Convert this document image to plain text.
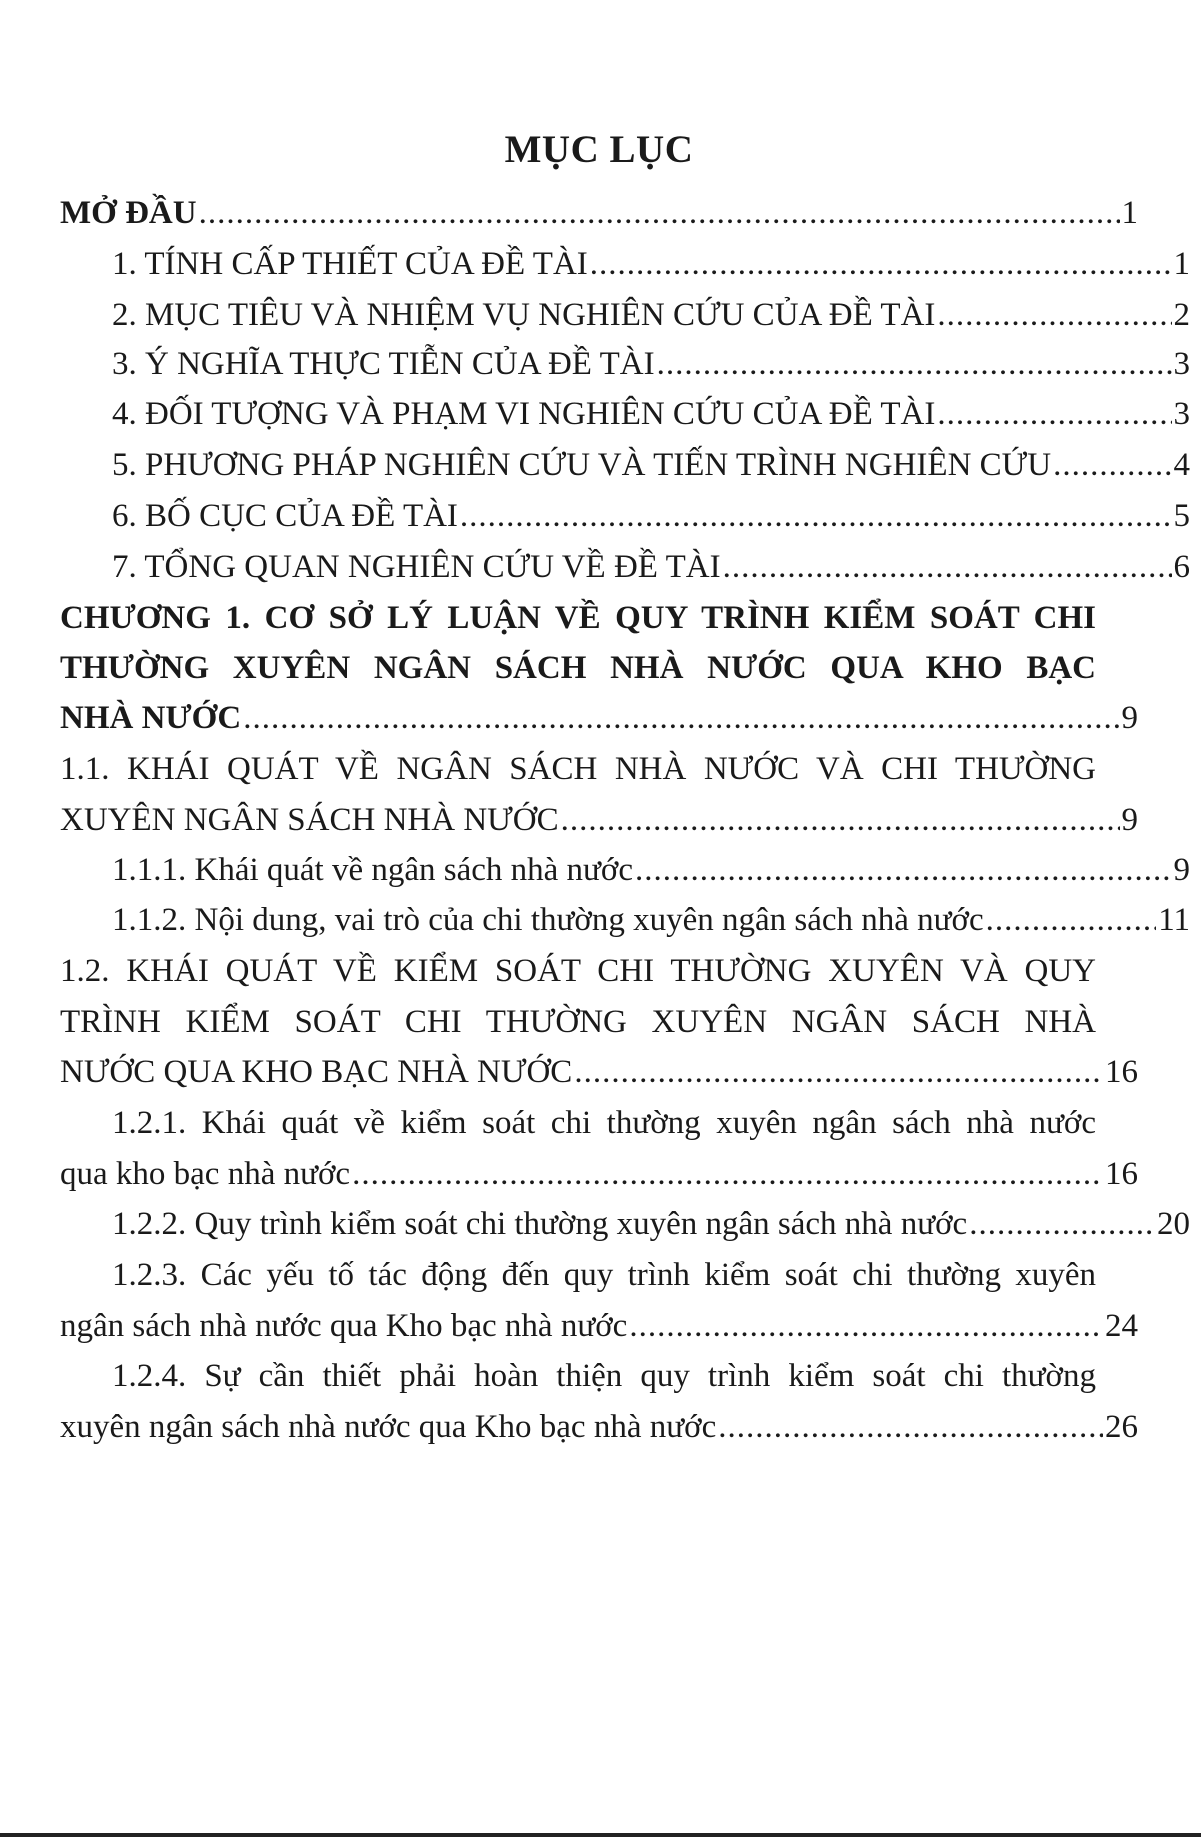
MỤC LỤC
MỞ ĐẦU .....	1
1. TÍNH CẤP THIẾT CỦA ĐỀ TÀI .....	1
2. MỤC TIÊU VÀ NHIỆM VỤ NGHIÊN CỨU CỦA ĐỀ TÀI .....	2
3. Ý NGHĨA THỰC TIỄN CỦA ĐỀ TÀI .....	3
4. ĐỐI TƯỢNG VÀ PHẠM VI NGHIÊN CỨU CỦA ĐỀ TÀI .....	3
5. PHƯƠNG PHÁP NGHIÊN CỨU VÀ TIẾN TRÌNH NGHIÊN CỨU .....	4
6. BỐ CỤC CỦA ĐỀ TÀI .....	5
7. TỔNG QUAN NGHIÊN CỨU VỀ ĐỀ TÀI .....	6
CHƯƠNG 1. CƠ SỞ LÝ LUẬN VỀ QUY TRÌNH KIỂM SOÁT CHI
THƯỜNG XUYÊN NGÂN SÁCH NHÀ NƯỚC QUA KHO BẠC
NHÀ NƯỚC .....	9
1.1. KHÁI QUÁT VỀ NGÂN SÁCH NHÀ NƯỚC VÀ CHI THƯỜNG
XUYÊN NGÂN SÁCH NHÀ NƯỚC .....	9
1.1.1. Khái quát về ngân sách nhà nước .....	9
1.1.2. Nội dung, vai trò của chi thường xuyên ngân sách nhà nước .....	11
1.2. KHÁI QUÁT VỀ KIỂM SOÁT CHI THƯỜNG XUYÊN VÀ QUY
TRÌNH KIỂM SOÁT CHI THƯỜNG XUYÊN NGÂN SÁCH NHÀ
NƯỚC QUA KHO BẠC NHÀ NƯỚC .....	16
1.2.1. Khái quát về kiểm soát chi thường xuyên ngân sách nhà nước
qua kho bạc nhà nước .....	16
1.2.2. Quy trình kiểm soát chi thường xuyên ngân sách nhà nước .....	20
1.2.3. Các yếu tố tác động đến quy trình kiểm soát chi thường xuyên
ngân sách nhà nước qua Kho bạc nhà nước .....	24
1.2.4. Sự cần thiết phải hoàn thiện quy trình kiểm soát chi thường
xuyên ngân sách nhà nước qua Kho bạc nhà nước .....	26
